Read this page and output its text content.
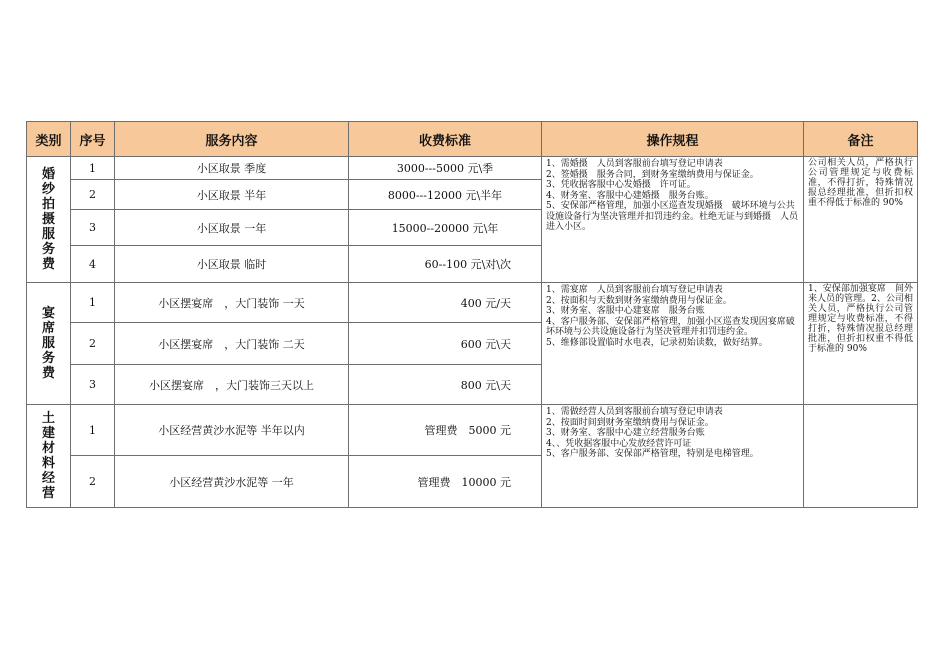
类别	序号	服务内容	收费标准	操作规程	备注

婚纱拍摄服务费	1	小区取景 季度	3000---5000 元\季	1、需婚摄　人员到客服前台填写登记申请表
2、签婚摄　服务合同，到财务室缴纳费用与保证金。
3、凭收据客服中心发婚摄　许可证。
4、财务室、客服中心建婚摄　服务台账。
5、安保部严格管理，加强小区巡查发现婚摄　破坏环境与公共设施设备行为坚决管理并扣罚违约金。杜绝无证与到婚摄　人员进入小区。	公司相关人员，严格执行公司管理规定与收费标准，不得打折，特殊情况报总经理批准，但折扣权重不得低于标准的 90%
	2	小区取景 半年	8000---12000 元\半年		
	3	小区取景 一年	15000--20000 元\年		
	4	小区取景 临时	60--100 元\对\次		

宴席服务费	1	小区摆宴席　，大门装饰 一天	400 元/天	1、需宴席　人员到客服前台填写登记申请表
2、按面积与天数到财务室缴纳费用与保证金。
3、财务室、客服中心建宴席　服务台账
4、客户服务部、安保部严格管理，加强小区巡查发现因宴席破坏环境与公共设施设备行为坚决管理并扣罚违约金。
5、维修部设置临时水电表，记录初始读数，做好结算。	1、安保部加强宴席　间外来人员的管理。2、公司相关人员，严格执行公司管理规定与收费标准，不得打折，特殊情况报总经理批准，但折扣权重不得低于标准的 90%
	2	小区摆宴席　，大门装饰 二天	600 元\天		
	3	小区摆宴席　，大门装饰三天以上	800 元\天		

土建材料经营	1	小区经营黄沙水泥等 半年以内	管理费　5000 元	1、需做经营人员到客服前台填写登记申请表
2、按面时间到财务室缴纳费用与保证金。
3、财务室、客服中心建立经营服务台账
4、、凭收据客服中心发放经营许可证
5、客户服务部、安保部严格管理，特别是电梯管理。	

	2	小区经营黄沙水泥等 一年	管理费　10000 元		
